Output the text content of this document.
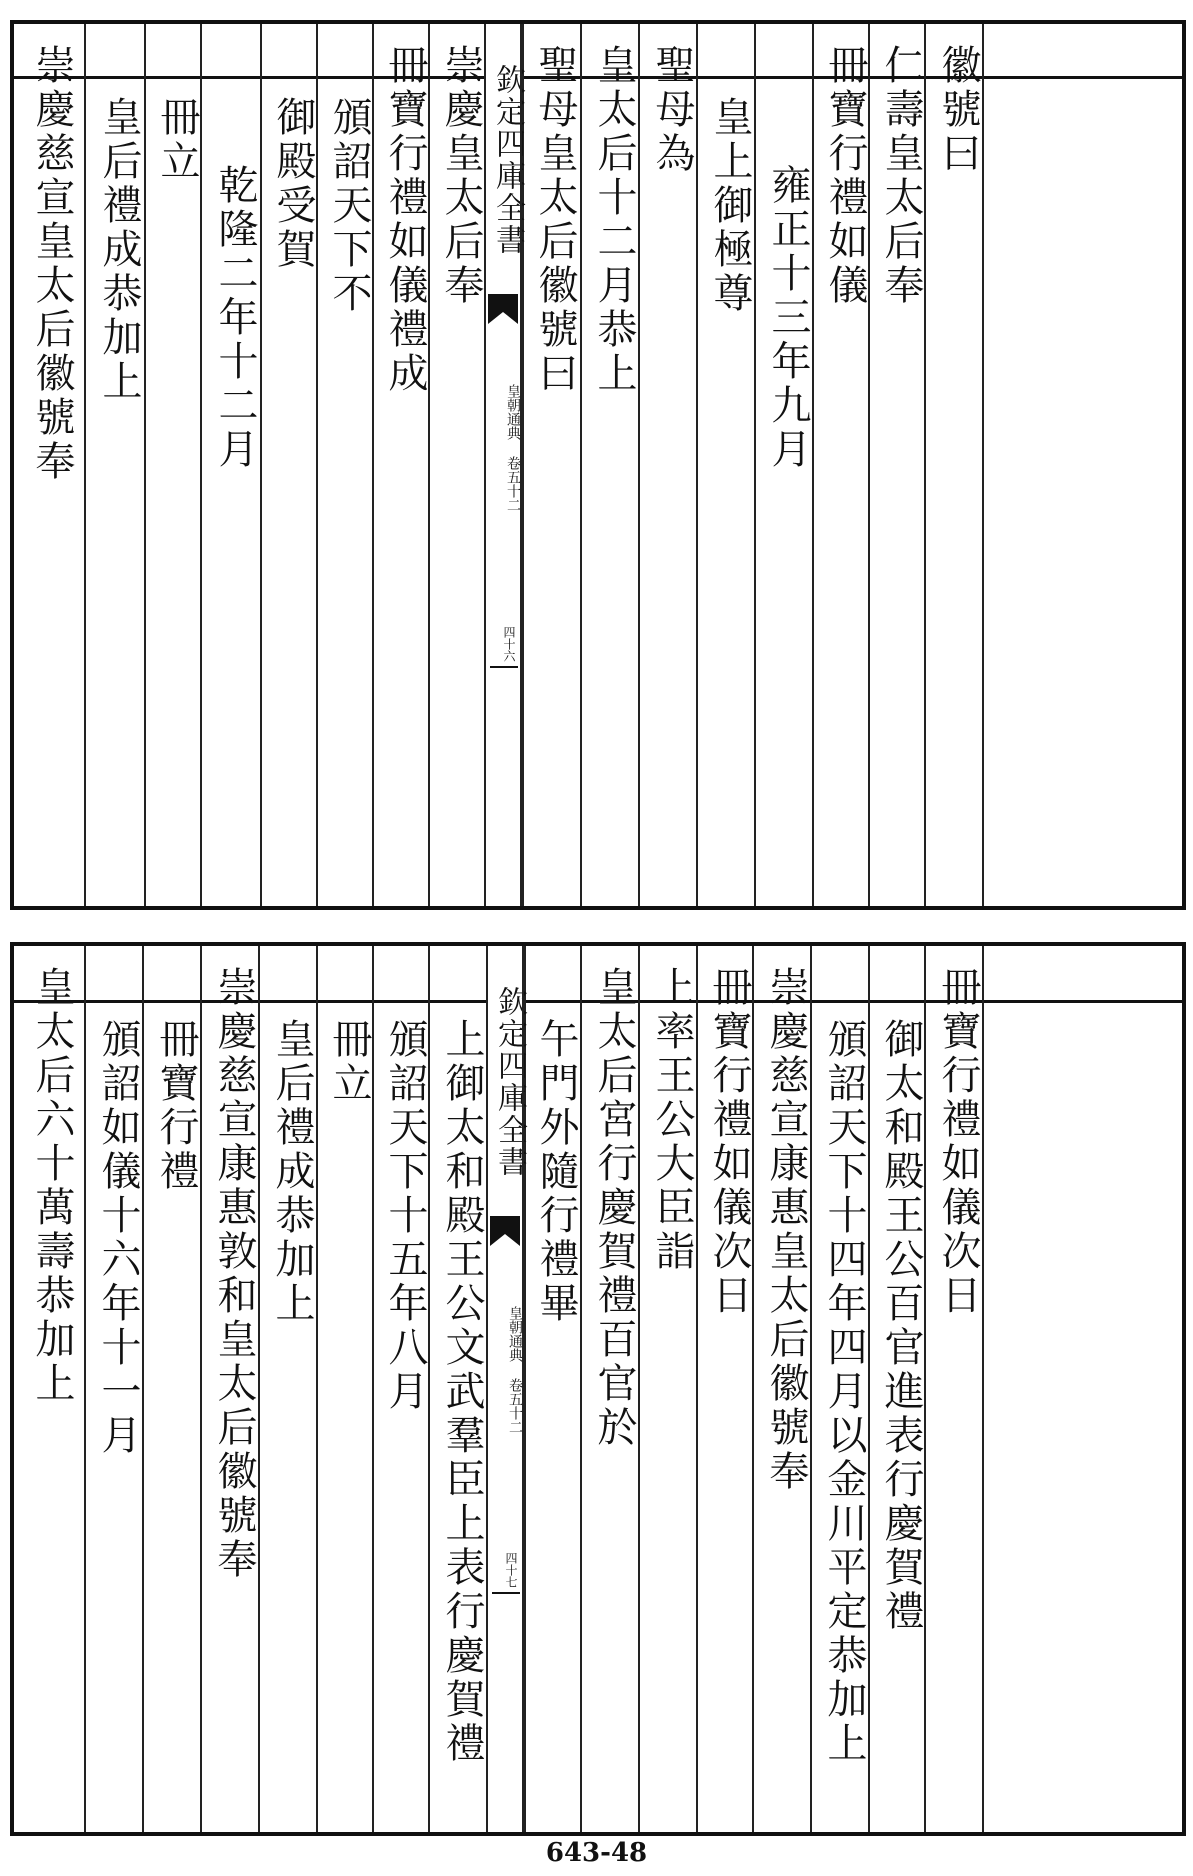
崇慶慈宣皇太后徽號奉 皇后禮成恭加上 冊立
乾隆二年十二月 御殿受賀 頒詔天下不 冊寶行禮如儀禮成 崇慶皇太后奉 欽定四庫全書
皇朝通典 卷五十二
四十六
聖母皇太后徽號曰 皇太后十二月恭上 聖母為 皇上御極尊 雍正十三年九月 冊寶行禮如儀 仁壽皇太后奉 徽號曰
皇太后六十萬壽恭加上 頒詔如儀十六年十一月 冊寶行禮 崇慶慈宣康惠敦和皇太后徽號奉 皇后禮成恭加上 冊立 頒詔天下十五年八月 上御太和殿王公文武羣臣上表行慶賀禮 欽定四庫全書
皇朝通典 卷五十二
四十七
午門外隨行禮畢 皇太后宮行慶賀禮百官於 上率王公大臣詣 冊寶行禮如儀次日 崇慶慈宣康惠皇太后徽號奉 頒詔天下十四年四月以金川平定恭加上 御太和殿王公百官進表行慶賀禮 冊寶行禮如儀次日
643-48
